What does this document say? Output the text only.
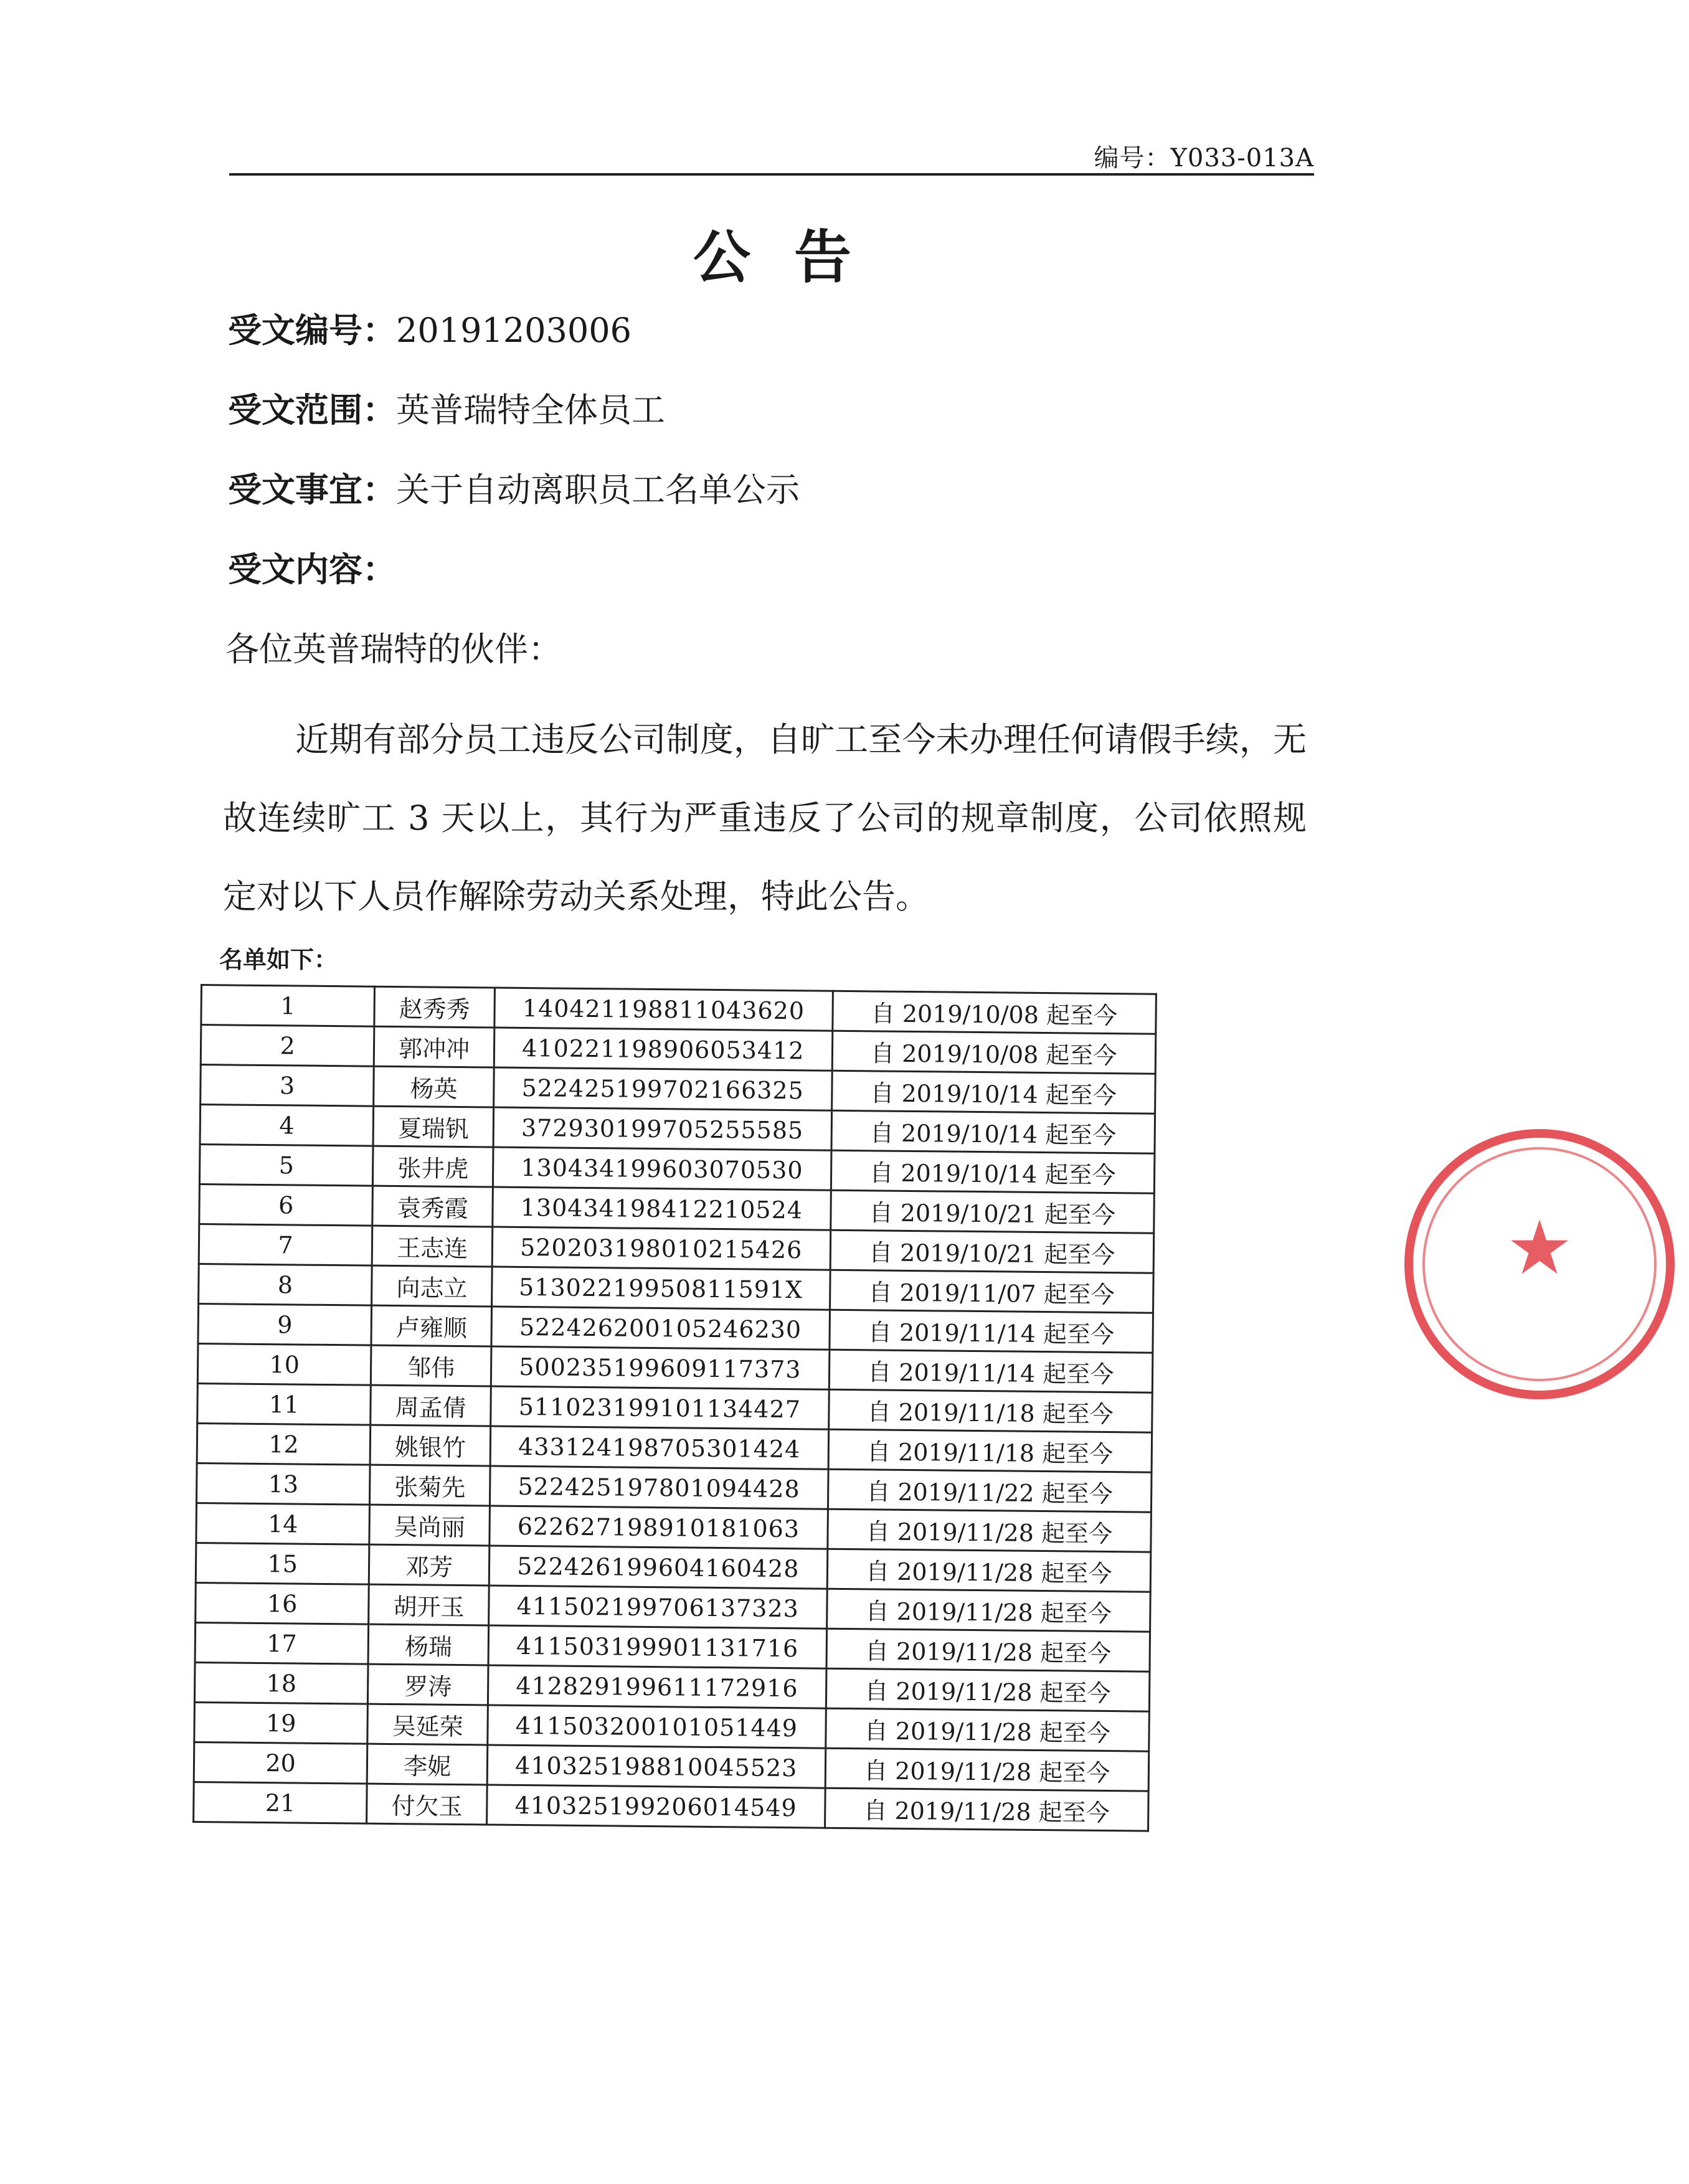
编号：Y033-013A
公告
受文编号：20191203006
受文范围：英普瑞特全体员工
受文事宜：关于自动离职员工名单公示
受文内容：
各位英普瑞特的伙伴：
近期有部分员工违反公司制度，自旷工至今未办理任何请假手续，无故连续旷工 3 天以上，其行为严重违反了公司的规章制度，公司依照规定对以下人员作解除劳动关系处理，特此公告。
名单如下：
1	赵秀秀	140421198811043620	自 2019/10/08 起至今
2	郭冲冲	410221198906053412	自 2019/10/08 起至今
3	杨英	522425199702166325	自 2019/10/14 起至今
4	夏瑞钒	372930199705255585	自 2019/10/14 起至今
5	张井虎	130434199603070530	自 2019/10/14 起至今
6	袁秀霞	130434198412210524	自 2019/10/21 起至今
7	王志连	520203198010215426	自 2019/10/21 起至今
8	向志立	51302219950811591X	自 2019/11/07 起至今
9	卢雍顺	522426200105246230	自 2019/11/14 起至今
10	邹伟	500235199609117373	自 2019/11/14 起至今
11	周孟倩	511023199101134427	自 2019/11/18 起至今
12	姚银竹	433124198705301424	自 2019/11/18 起至今
13	张菊先	522425197801094428	自 2019/11/22 起至今
14	吴尚丽	622627198910181063	自 2019/11/28 起至今
15	邓芳	522426199604160428	自 2019/11/28 起至今
16	胡开玉	411502199706137323	自 2019/11/28 起至今
17	杨瑞	411503199901131716	自 2019/11/28 起至今
18	罗涛	412829199611172916	自 2019/11/28 起至今
19	吴延荣	411503200101051449	自 2019/11/28 起至今
20	李妮	410325198810045523	自 2019/11/28 起至今
21	付欠玉	410325199206014549	自 2019/11/28 起至今
★
